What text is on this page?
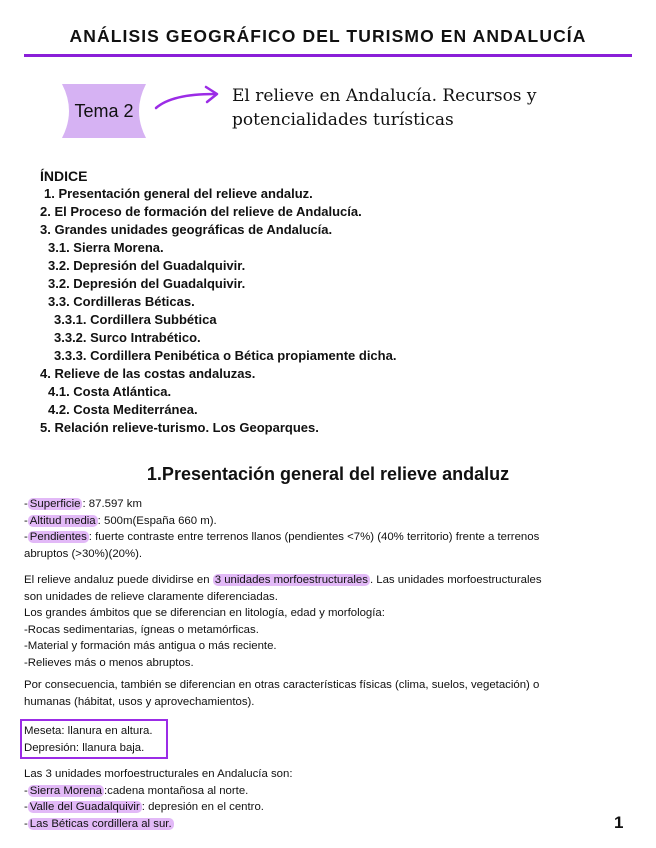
ANÁLISIS GEOGRÁFICO DEL TURISMO EN ANDALUCÍA
Tema 2
El relieve en Andalucía. Recursos y
potencialidades turísticas
ÍNDICE
1. Presentación general del relieve andaluz.
2. El Proceso de formación del relieve de Andalucía.
3. Grandes unidades geográficas de Andalucía.
3.1. Sierra Morena.
3.2. Depresión del Guadalquivir.
3.2. Depresión del Guadalquivir.
3.3. Cordilleras Béticas.
3.3.1. Cordillera Subbética
3.3.2. Surco Intrabético.
3.3.3. Cordillera Penibética o Bética propiamente dicha.
4. Relieve de las costas andaluzas.
4.1. Costa Atlántica.
4.2. Costa Mediterránea.
5. Relación relieve-turismo. Los Geoparques.
1.Presentación general del relieve andaluz
- Superficie : 87.597 km
- Altitud media : 500m(España 660 m).
- Pendientes : fuerte contraste entre terrenos llanos (pendientes <7%) (40% territorio) frente a terrenos
abruptos (>30%)(20%).
El relieve andaluz puede dividirse en 3 unidades morfoestructurales . Las unidades morfoestructurales
son unidades de relieve claramente diferenciadas.
Los grandes ámbitos que se diferencian en litología, edad y morfología:
-Rocas sedimentarias, ígneas o metamórficas.
-Material y formación más antigua o más reciente.
-Relieves más o menos abruptos.
Por consecuencia, también se diferencian en otras características físicas (clima, suelos, vegetación) o
humanas (hábitat, usos y aprovechamientos).
Meseta: llanura en altura.
Depresión: llanura baja.
Las 3 unidades morfoestructurales en Andalucía son:
- Sierra Morena :cadena montañosa al norte.
- Valle del Guadalquivir : depresión en el centro.
- Las Béticas cordillera al sur.	1
